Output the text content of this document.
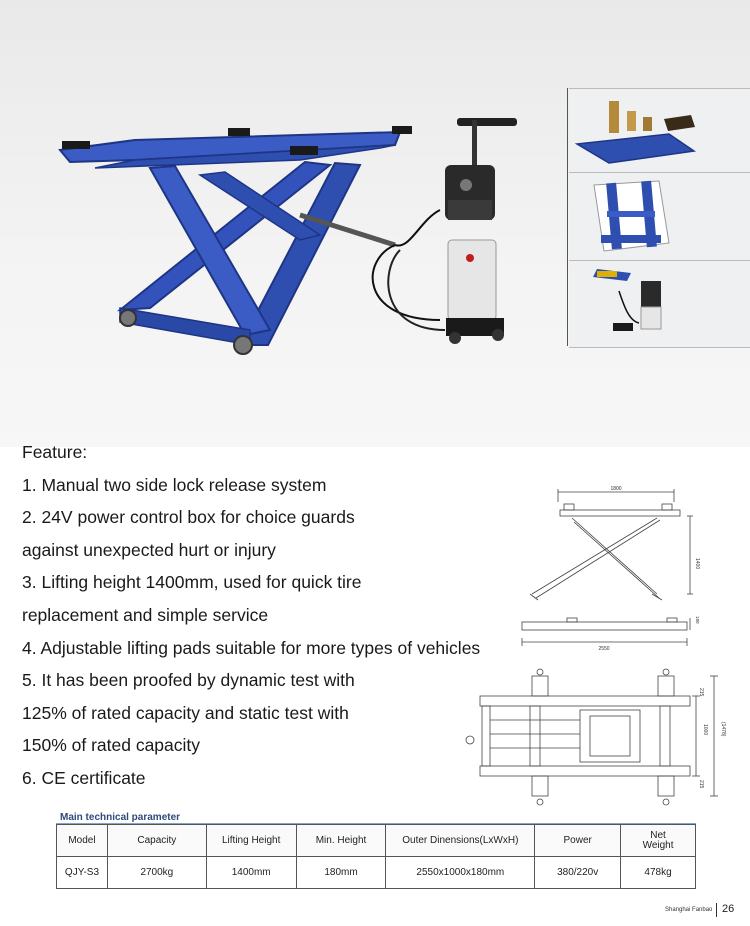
Feature:
1. Manual two side lock release system
2. 24V power control box for choice guards
against unexpected hurt or injury
3. Lifting height 1400mm, used for quick tire
replacement and simple service
4. Adjustable lifting pads suitable for more types of vehicles
5. It has been proofed by dynamic test with
125% of rated capacity and static test with
150% of rated capacity
6. CE certificate
1800
1400
180
2550
215
1000 (1478)
215
Main technical parameter
Model	Capacity	Lifting Height	Min. Height	Outer Dinensions(LxWxH)	Power	Net
Weight
QJY-S3	2700kg	1400mm	180mm	2550x1000x180mm	380/220v	478kg
Shanghai Fanbao 26
